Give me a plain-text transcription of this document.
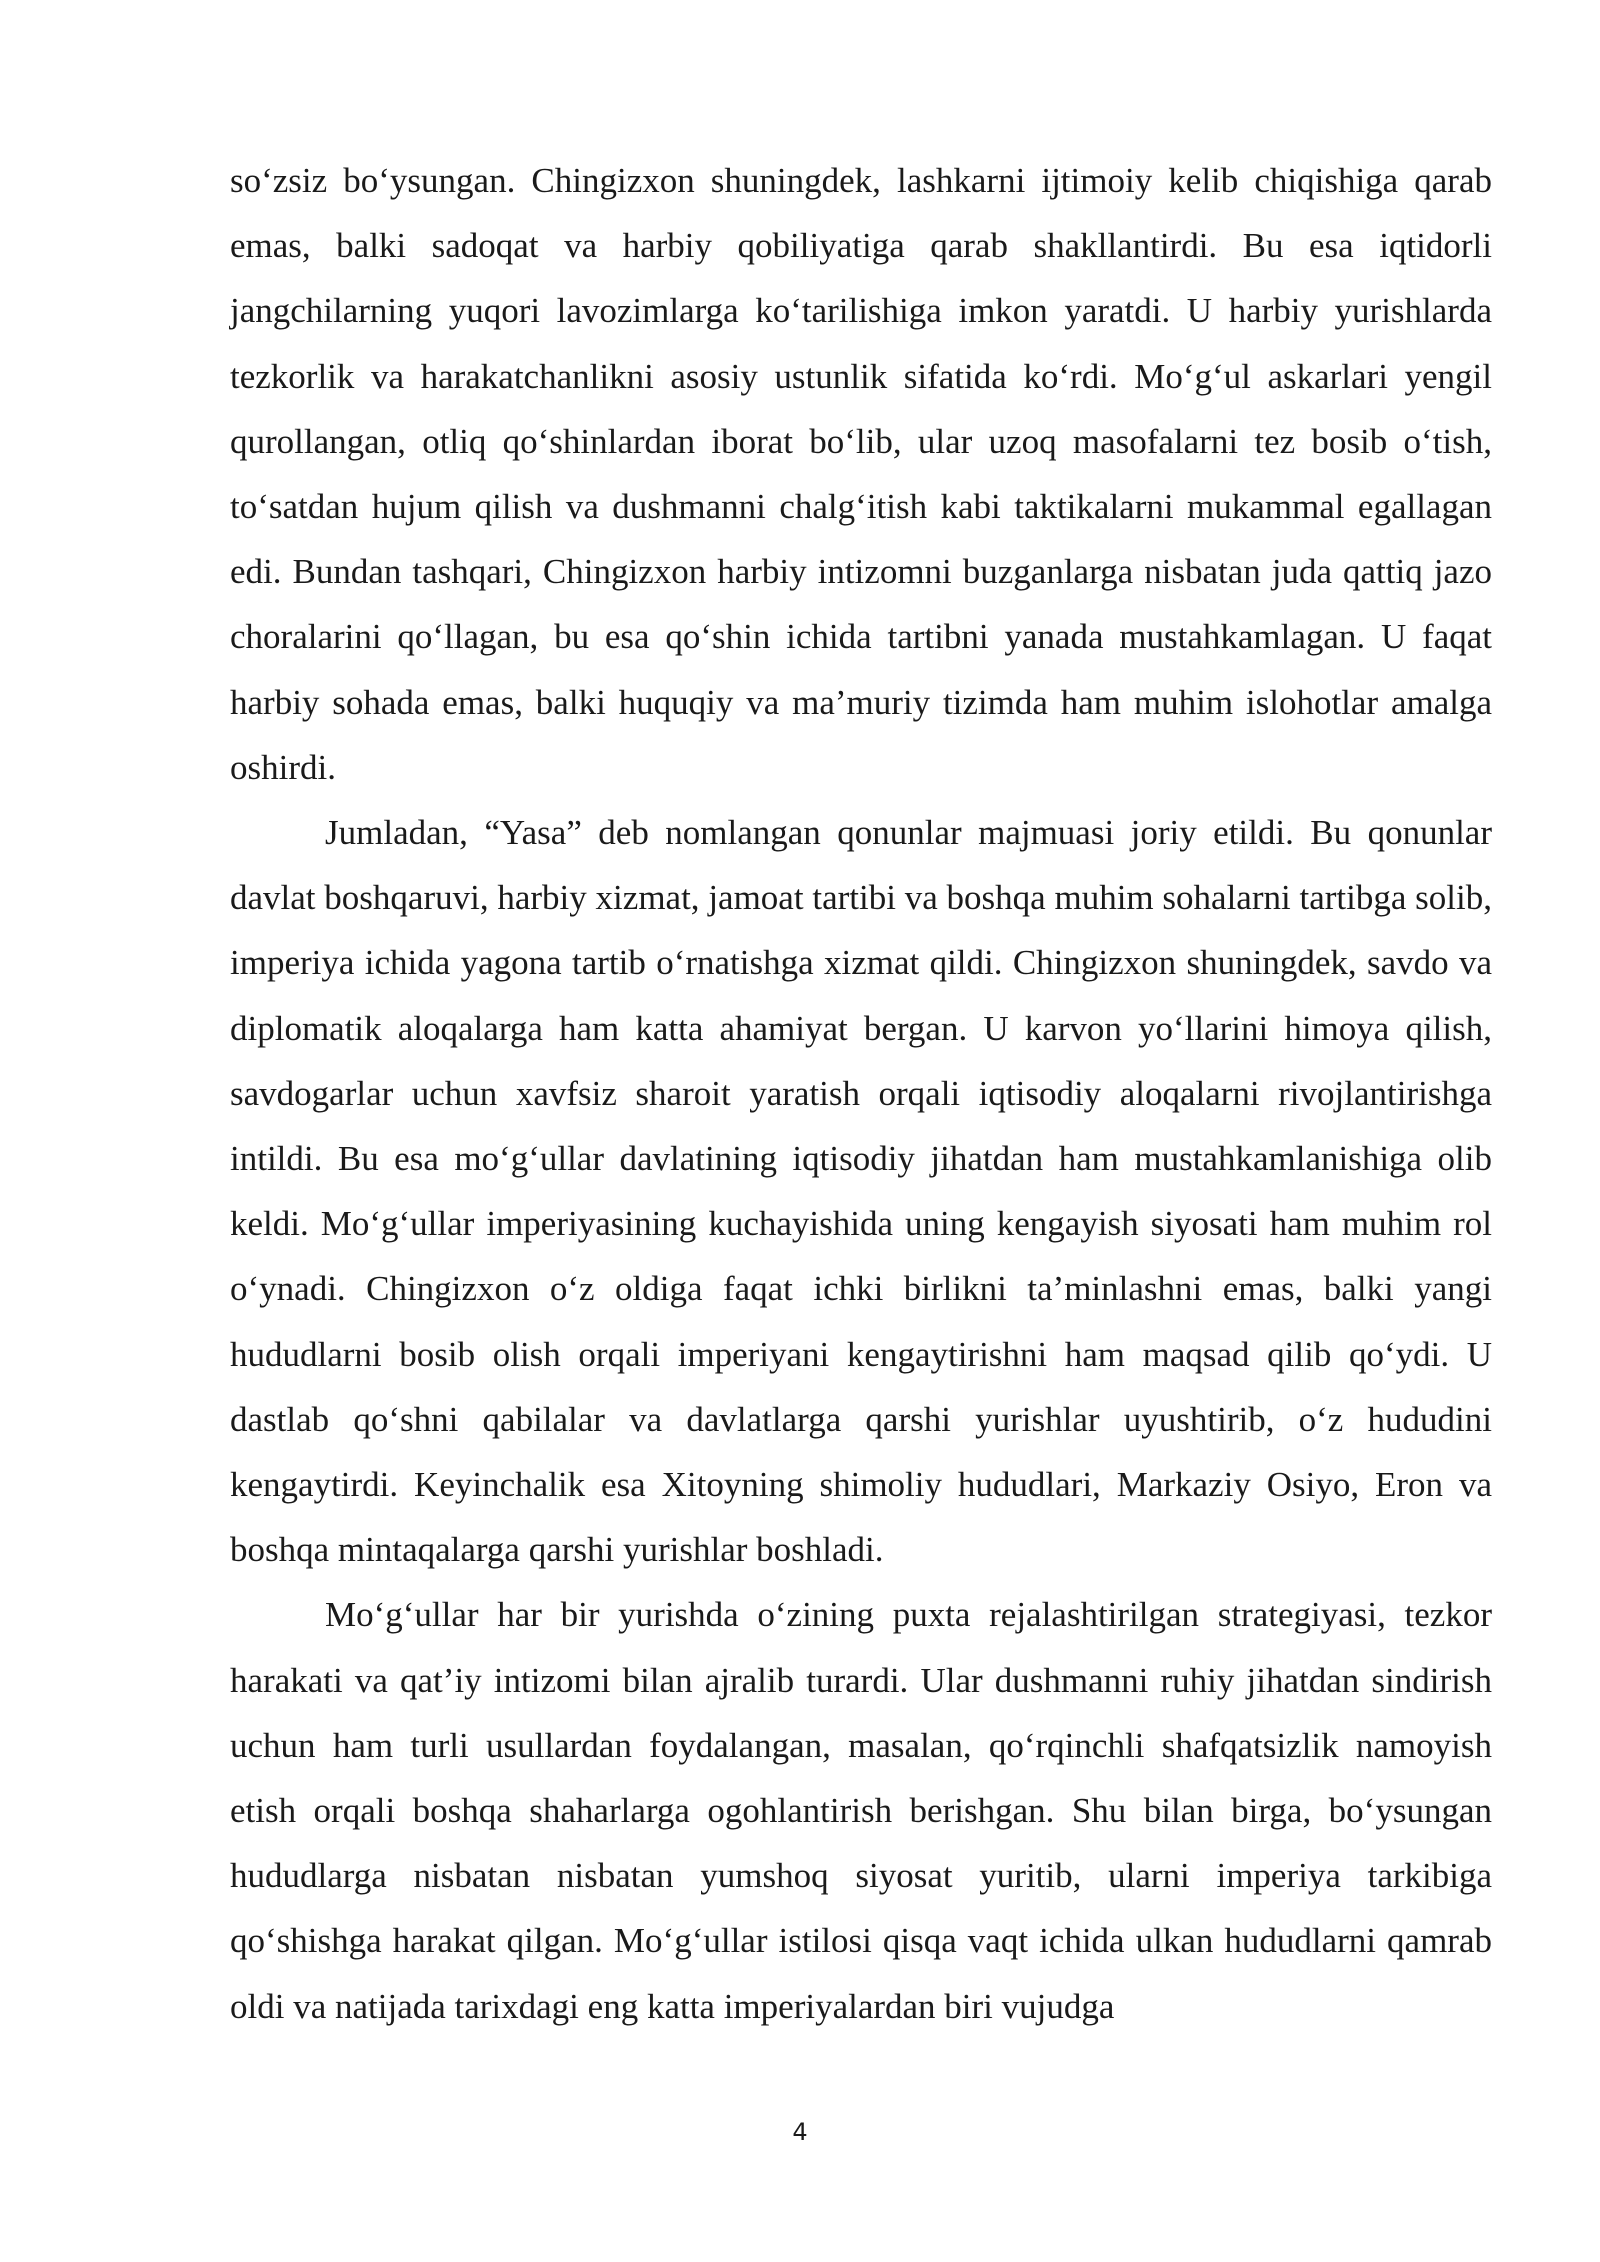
so‘zsiz bo‘ysungan. Chingizxon shuningdek, lashkarni ijtimoiy kelib chiqishiga qarab emas, balki sadoqat va harbiy qobiliyatiga qarab shakllantirdi. Bu esa iqtidorli jangchilarning yuqori lavozimlarga ko‘tarilishiga imkon yaratdi. U harbiy yurishlarda tezkorlik va harakatchanlikni asosiy ustunlik sifatida ko‘rdi. Mo‘g‘ul askarlari yengil qurollangan, otliq qo‘shinlardan iborat bo‘lib, ular uzoq masofalarni tez bosib o‘tish, to‘satdan hujum qilish va dushmanni chalg‘itish kabi taktikalarni mukammal egallagan edi. Bundan tashqari, Chingizxon harbiy intizomni buzganlarga nisbatan juda qattiq jazo choralarini qo‘llagan, bu esa qo‘shin ichida tartibni yanada mustahkamlagan. U faqat harbiy sohada emas, balki huquqiy va ma’muriy tizimda ham muhim islohotlar amalga oshirdi.

Jumladan, “Yasa” deb nomlangan qonunlar majmuasi joriy etildi. Bu qonunlar davlat boshqaruvi, harbiy xizmat, jamoat tartibi va boshqa muhim sohalarni tartibga solib, imperiya ichida yagona tartib o‘rnatishga xizmat qildi. Chingizxon shuningdek, savdo va diplomatik aloqalarga ham katta ahamiyat bergan. U karvon yo‘llarini himoya qilish, savdogarlar uchun xavfsiz sharoit yaratish orqali iqtisodiy aloqalarni rivojlantirishga intildi. Bu esa mo‘g‘ullar davlatining iqtisodiy jihatdan ham mustahkamlanishiga olib keldi. Mo‘g‘ullar imperiyasining kuchayishida uning kengayish siyosati ham muhim rol o‘ynadi. Chingizxon o‘z oldiga faqat ichki birlikni ta’minlashni emas, balki yangi hududlarni bosib olish orqali imperiyani kengaytirishni ham maqsad qilib qo‘ydi. U dastlab qo‘shni qabilalar va davlatlarga qarshi yurishlar uyushtirib, o‘z hududini kengaytirdi. Keyinchalik esa Xitoyning shimoliy hududlari, Markaziy Osiyo, Eron va boshqa mintaqalarga qarshi yurishlar boshladi.

Mo‘g‘ullar har bir yurishda o‘zining puxta rejalashtirilgan strategiyasi, tezkor harakati va qat’iy intizomi bilan ajralib turardi. Ular dushmanni ruhiy jihatdan sindirish uchun ham turli usullardan foydalangan, masalan, qo‘rqinchli shafqatsizlik namoyish etish orqali boshqa shaharlarga ogohlantirish berishgan. Shu bilan birga, bo‘ysungan hududlarga nisbatan nisbatan yumshoq siyosat yuritib, ularni imperiya tarkibiga qo‘shishga harakat qilgan. Mo‘g‘ullar istilosi qisqa vaqt ichida ulkan hududlarni qamrab oldi va natijada tarixdagi eng katta imperiyalardan biri vujudga

4
